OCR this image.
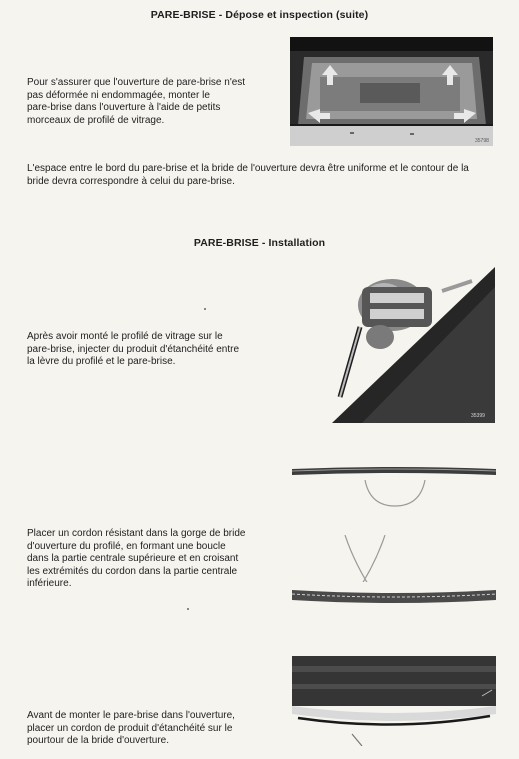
PARE-BRISE - Dépose et inspection (suite)
35798

Pour s'assurer que l'ouverture de pare-brise n'est
pas déformée ni endommagée, monter le
pare-brise dans l'ouverture à l'aide de petits
morceaux de profilé de vitrage.

L'espace entre le bord du pare-brise et la bride de l'ouverture devra être uniforme et le contour de la
bride devra correspondre à celui du pare-brise.

PARE-BRISE - Installation
35399

Après avoir monté le profilé de vitrage sur le
pare-brise, injecter du produit d'étanchéité entre
la lèvre du profilé et le pare-brise.

Placer un cordon résistant dans la gorge de bride
d'ouverture du profilé, en formant une boucle
dans la partie centrale supérieure et en croisant
les extrémités du cordon dans la partie centrale
inférieure.

Avant de monter le pare-brise dans l'ouverture,
placer un cordon de produit d'étanchéité sur le
pourtour de la bride d'ouverture.
